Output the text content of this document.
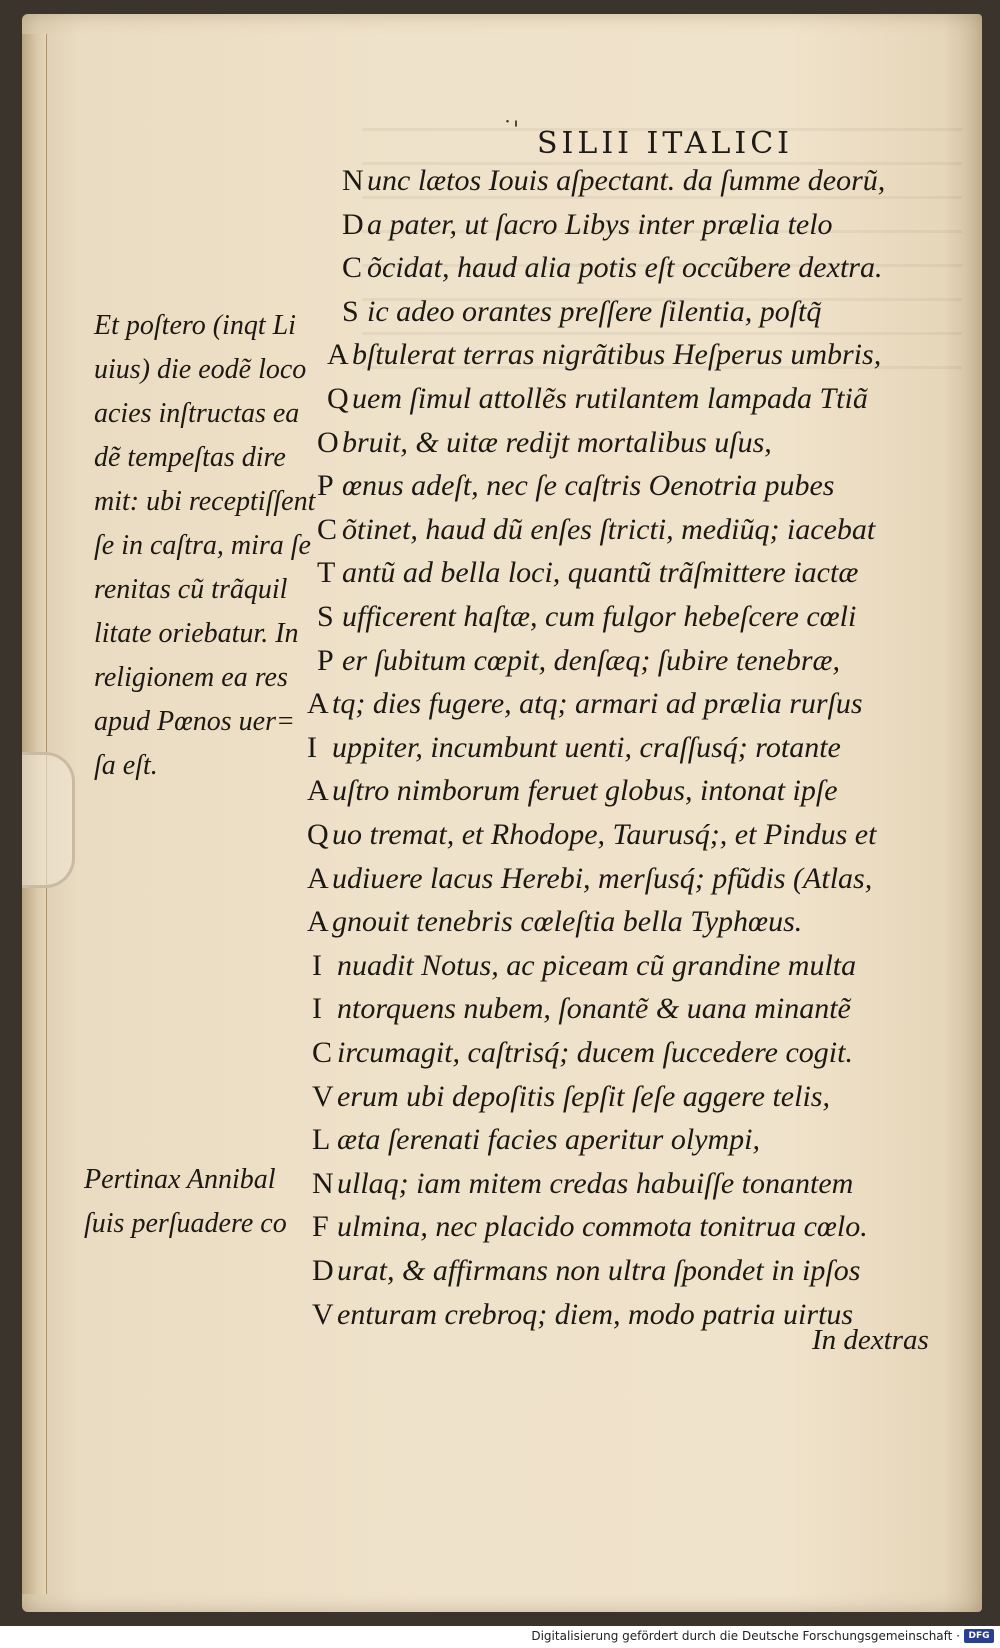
˙' SILII ITALICI
N unc lætos Iouis aſpectant. da ſumme deorũ,
D a pater, ut ſacro Libys inter prælia telo
C õcidat, haud alia potis eſt occũbere dextra.
S ic adeo orantes preſſere ſilentia, poſtq̃
A bſtulerat terras nigrãtibus Heſperus umbris,
Q uem ſimul attollẽs rutilantem lampada Ttiã
O bruit, & uitæ rediјt mortalibus uſus,
P œnus adeſt, nec ſe caſtris Oenotria pubes
C õtinet, haud dũ enſes ſtricti, mediũq; iacebat
T antũ ad bella loci, quantũ trãſmittere iactæ
S ufficerent haſtæ, cum fulgor hebeſcere cœli
P er ſubitum cœpit, denſæq; ſubire tenebræ,
A tq; dies fugere, atq; armari ad prælia rurſus
I uppiter, incumbunt uenti, craſſusq́; rotante
A uſtro nimborum feruet globus, intonat ipſe
Q uo tremat, et Rhodope, Taurusq́;, et Pindus et
A udiuere lacus Herebi, merſusq́; pfũdis (Atlas,
A gnouit tenebris cœleſtia bella Typhœus.
I nuadit Notus, ac piceam cũ grandine multa
I ntorquens nubem, ſonantẽ & uana minantẽ
C ircumagit, caſtrisq́; ducem ſuccedere cogit.
V erum ubi depoſitis ſepſit ſeſe aggere telis,
L æta ſerenati facies aperitur olympi,
N ullaq; iam mitem credas habuiſſe tonantem
F ulmina, nec placido commota tonitrua cœlo.
D urat, & affirmans non ultra ſpondet in ipſos
V enturam crebroq; diem, modo patria uirtus
Et poſtero (inqt Li
uius) die eodẽ loco
acies inſtructas ea
dẽ tempeſtas dire
mit: ubi receptiſſent
ſe in caſtra, mira ſe
renitas cũ trãquil
litate oriebatur. In
religionem ea res
apud Pœnos uer=
ſa eſt.
Pertinax Annibal
ſuis perſuadere co
In dextras
Digitalisierung gefördert durch die Deutsche Forschungsgemeinschaft · DFG
